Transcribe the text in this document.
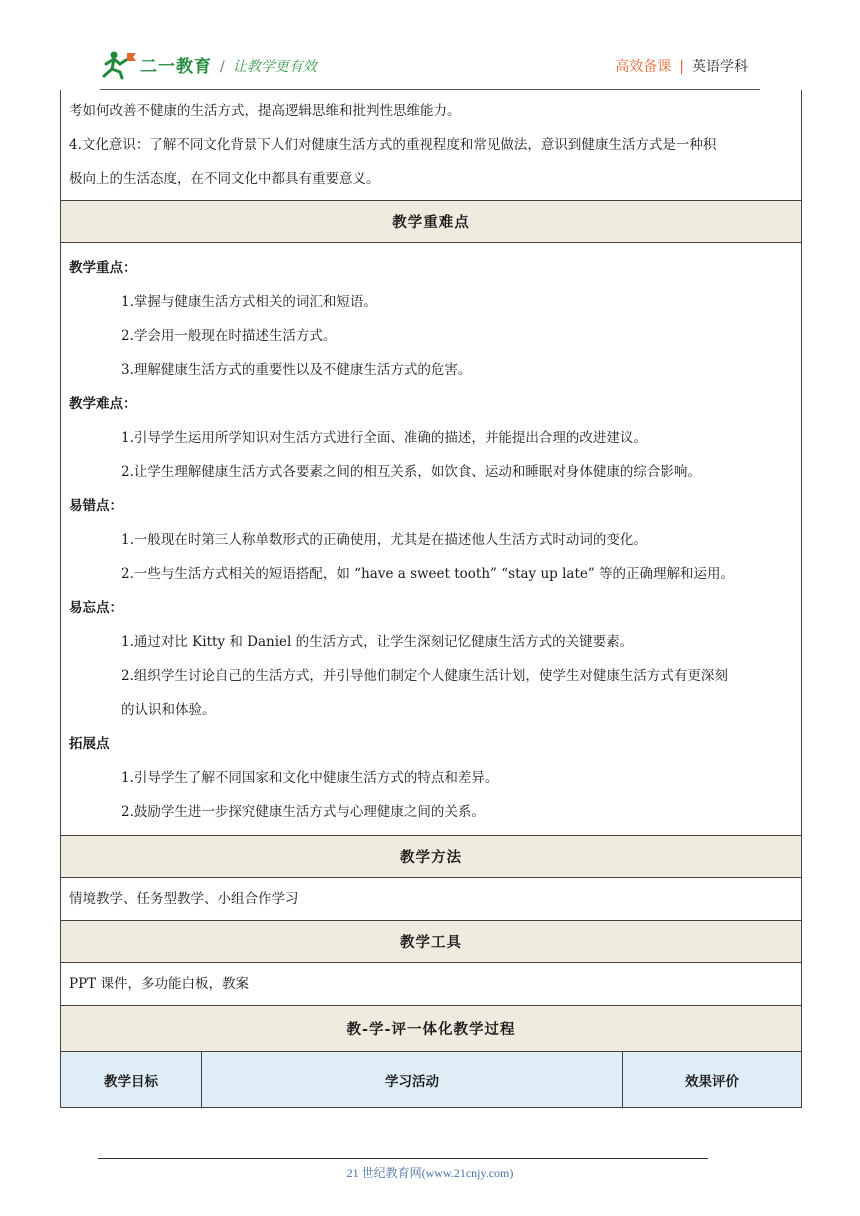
二一教育 / 让教学更有效	高效备课 | 英语学科

考如何改善不健康的生活方式，提高逻辑思维和批判性思维能力。

4.文化意识：了解不同文化背景下人们对健康生活方式的重视程度和常见做法，意识到健康生活方式是一种积

极向上的生活态度，在不同文化中都具有重要意义。

教学重难点

教学重点：

1.掌握与健康生活方式相关的词汇和短语。

2.学会用一般现在时描述生活方式。

3.理解健康生活方式的重要性以及不健康生活方式的危害。

教学难点：

1.引导学生运用所学知识对生活方式进行全面、准确的描述，并能提出合理的改进建议。

2.让学生理解健康生活方式各要素之间的相互关系，如饮食、运动和睡眠对身体健康的综合影响。

易错点：

1.一般现在时第三人称单数形式的正确使用，尤其是在描述他人生活方式时动词的变化。

2.一些与生活方式相关的短语搭配，如 “have a sweet tooth” “stay up late” 等的正确理解和运用。

易忘点：

1.通过对比 Kitty 和 Daniel 的生活方式，让学生深刻记忆健康生活方式的关键要素。

2.组织学生讨论自己的生活方式，并引导他们制定个人健康生活计划，使学生对健康生活方式有更深刻

的认识和体验。

拓展点

1.引导学生了解不同国家和文化中健康生活方式的特点和差异。

2.鼓励学生进一步探究健康生活方式与心理健康之间的关系。

教学方法
情境教学、任务型教学、小组合作学习
教学工具
PPT 课件，多功能白板，教案
教-学-评一体化教学过程
教学目标	学习活动	效果评价
21 世纪教育网(www.21cnjy.com)
